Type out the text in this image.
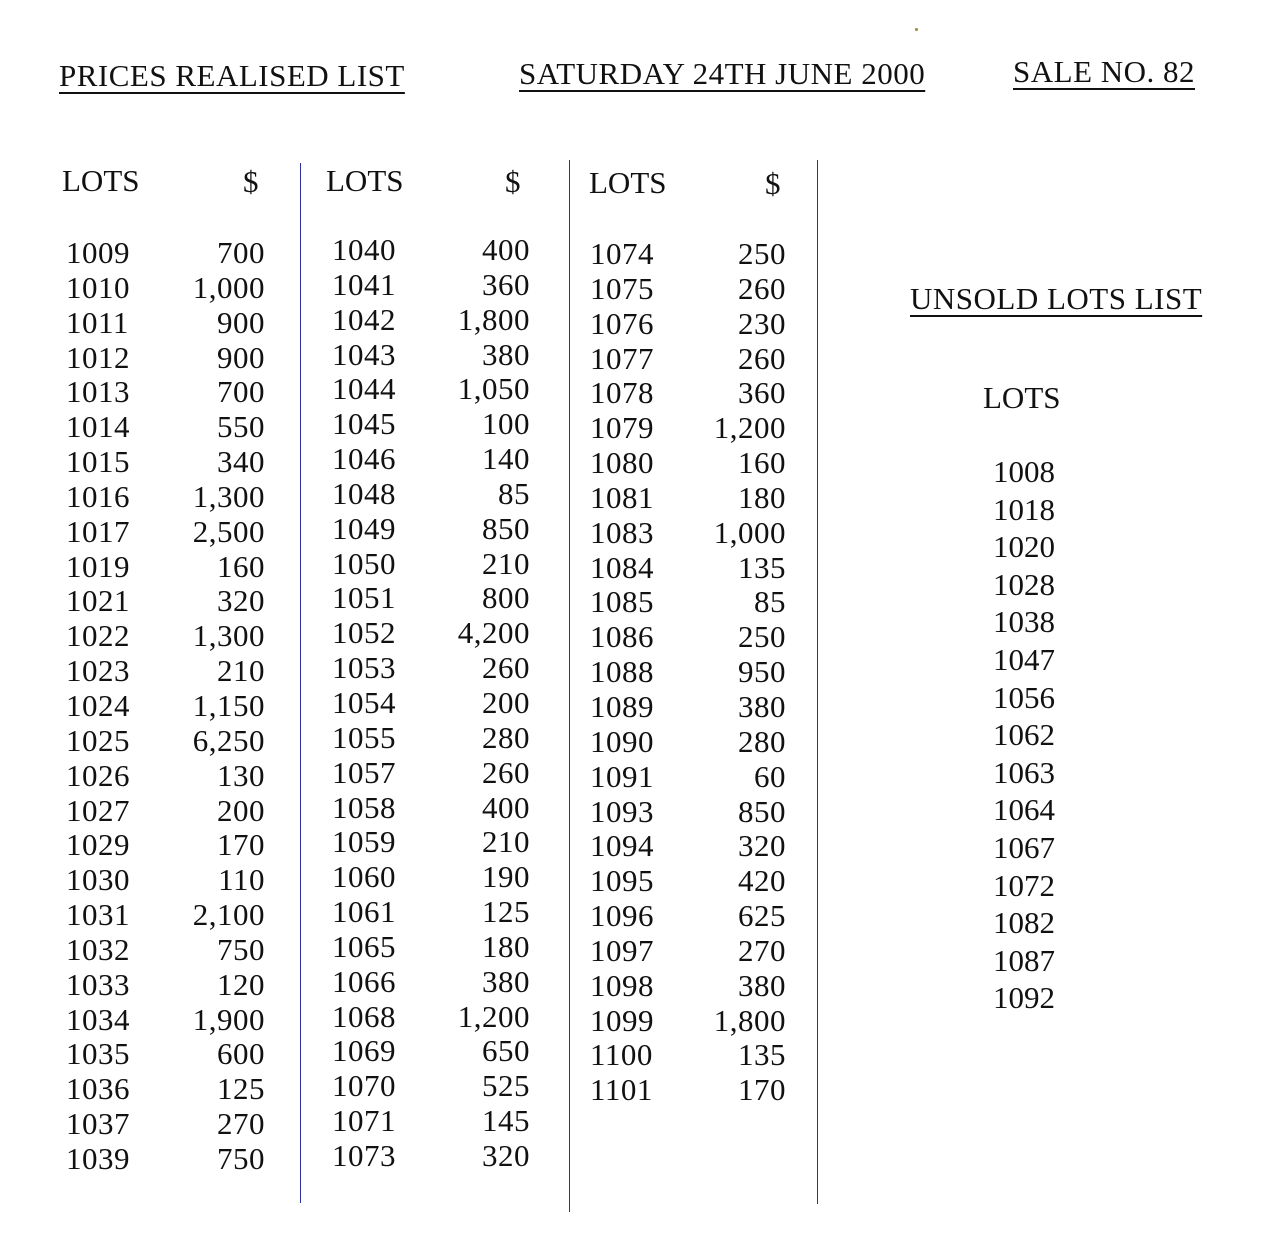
PRICES REALISED LIST	SATURDAY 24TH JUNE 2000	SALE NO. 82
LOTS	$ LOTS	$ LOTS	$
1009	700
1010 1,000
1011	900
1012	900
1013	700
1014	550
1015	340
1016 1,300
1017 2,500
1019	160
1021	320
1022 1,300
1023	210
1024 1,150
1025 6,250
1026	130
1027	200
1029	170
1030	110
1031 2,100
1032	750
1033	120
1034 1,900
1035	600
1036	125
1037	270
1039	750
1040	400
1041	360
1042 1,800
1043	380
1044 1,050
1045	100
1046	140
1048	85
1049	850
1050	210
1051	800
1052 4,200
1053	260
1054	200
1055	280
1057	260
1058	400
1059	210
1060	190
1061	125
1065	180
1066	380
1068 1,200
1069	650
1070	525
1071	145
1073	320
1074	250
1075	260
1076	230
1077	260
1078	360
1079 1,200
1080	160
1081	180
1083 1,000
1084	135
1085	85
1086	250
1088	950
1089	380
1090	280
1091	60
1093	850
1094	320
1095	420
1096	625
1097	270
1098	380
1099 1,800
1100	135
1101	170
UNSOLD LOTS LIST
LOTS
1008
1018
1020
1028
1038
1047
1056
1062
1063
1064
1067
1072
1082
1087
1092
